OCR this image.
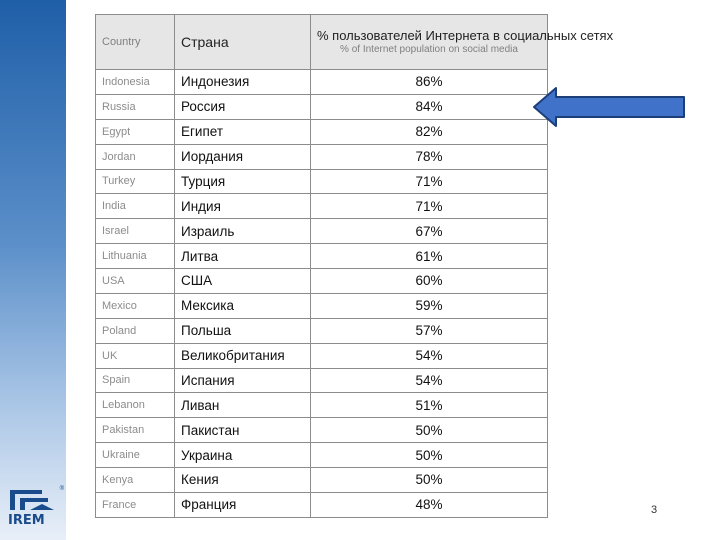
®
IREM
Country	Страна	% пользователей Интернета в социальных сетях
% of Internet population on social media

Indonesia	Индонезия	86%
Russia	Россия	84%
Egypt	Египет	82%
Jordan	Иордания	78%
Turkey	Турция	71%
India	Индия	71%
Israel	Израиль	67%
Lithuania	Литва	61%
USA	США	60%
Mexico	Мексика	59%
Poland	Польша	57%
UK	Великобритания	54%
Spain	Испания	54%
Lebanon	Ливан	51%
Pakistan	Пакистан	50%
Ukraine	Украина	50%
Kenya	Кения	50%
France	Франция	48%	3
